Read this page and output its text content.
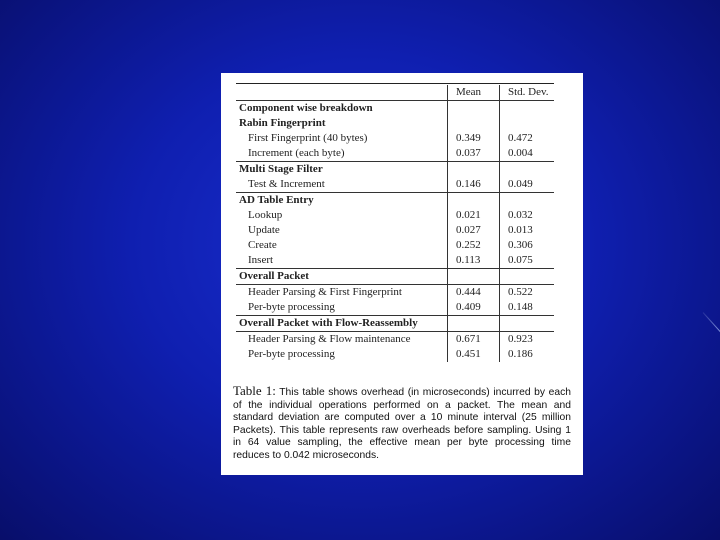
	Mean	Std. Dev.
Component wise breakdown		
Rabin Fingerprint		
First Fingerprint (40 bytes)	0.349	0.472
Increment (each byte)	0.037	0.004
Multi Stage Filter		
Test & Increment	0.146	0.049
AD Table Entry		
Lookup	0.021	0.032
Update	0.027	0.013
Create	0.252	0.306
Insert	0.113	0.075
Overall Packet		
Header Parsing & First Fingerprint	0.444	0.522
Per-byte processing	0.409	0.148
Overall Packet with Flow-Reassembly		
Header Parsing & Flow maintenance	0.671	0.923
Per-byte processing	0.451	0.186
Table 1: This table shows overhead (in microseconds) incurred by each of the individual operations performed on a packet. The mean and standard deviation are computed over a 10 minute interval (25 million Packets). This table represents raw overheads before sampling. Using 1 in 64 value sampling, the effective mean per byte processing time reduces to 0.042 microseconds.
